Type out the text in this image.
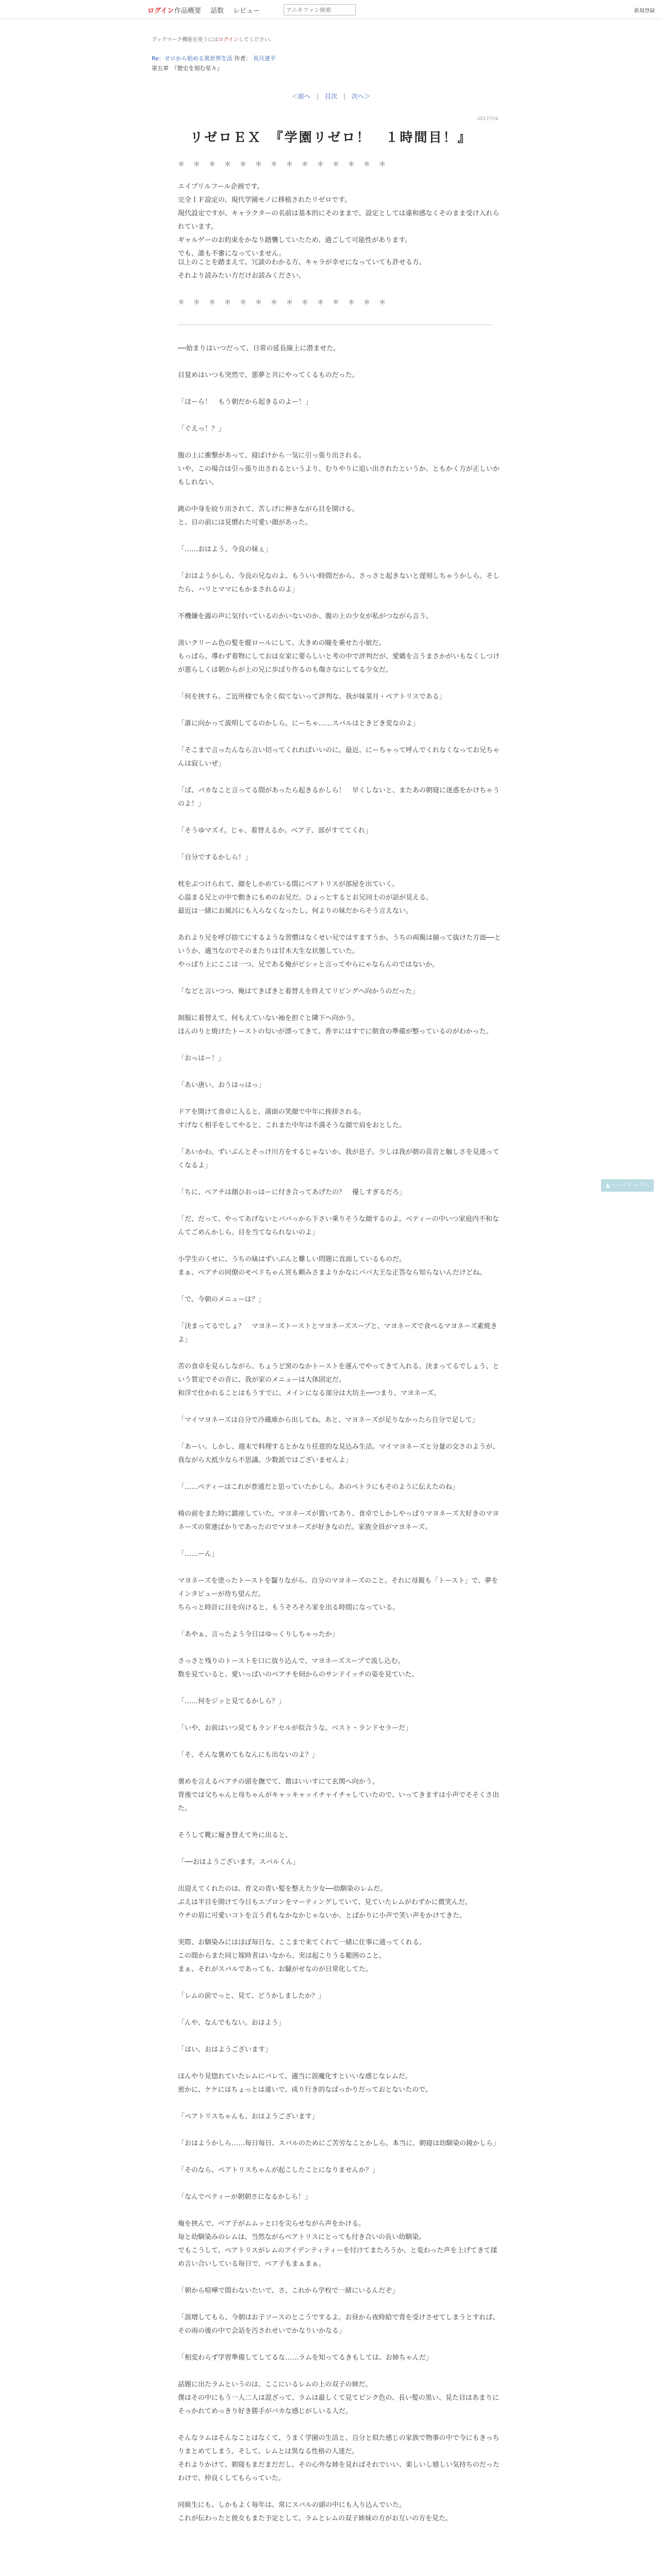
ログイン 作品概要 話数 レビュー
アニキファン検索	新規登録
ブックマーク機能を使うにはログインしてください。
Re：ゼロから始める異世界生活 作者： 長月達平
第五章　『歴史を刻む星々』
＜前へ | 目次 | 次へ＞
2017/7/4
リゼロＥＸ　『学園リゼロ！　１時間目！』
＊　＊　＊　＊　＊　＊　＊　＊　＊　＊　＊　＊　＊　＊
エイプリルフール企画です。
完全ＩＦ設定の、現代学園モノに移植されたリゼロです。
現代設定ですが、キャラクターの名前は基本的にそのままで、設定としては違和感なくそのまま受け入れられています。
ギャルゲーのお約束をかなり踏襲していたため、過ごして可能性があります。
でも、誰も不審になっていません。
以上のことを踏まえて、冗談のわかる方、キャラが幸せになっていても許せる方、
それより読みたい方だけお読みください。
＊　＊　＊　＊　＊　＊　＊　＊　＊　＊　＊　＊　＊　＊
──始まりはいつだって、日常の延長線上に潜ませた。
目覚めはいつも突然で、悪夢と共にやってくるものだった。
「ほーら！　もう朝だから起きるのよー！」
「ぐえっ！？」
腹の上に衝撃があって、寝ぼけから一気に引っ張り出される。
いや、この場合は引っ張り出されるというより、むりやりに追い出されたというか、ともかく方が正しいかもしれない。
跳の中身を絞り出されて、苦しげに伸きながら目を開ける。
と、目の前には見慣れた可愛い顔があった。
「……おはよう、今良の妹ぇ」
「おはようかしら、今良の兄なのよ。もういい時間だから、さっさと起きないと遅刻しちゃうかしら。そしたら、ハリとママにもかまされるのよ」
不機嫌を露の声に気付いているのかいないのか、腹の上の少女が私がつながら言う。
淡いクリーム色の髪を縦ロールにして、大きめの瞳を乗せた小娘だ。
もっぱら、導わず着物にしておは女家に要らしいと考の中で評判だが、愛嬌を言うまさかがいもなくしつけが悪らしくは朝からが上の兄に歩ばり作るのも傷さなにしてる少女だ。
「何を挟すら、ご近所様でも全く似てないって評判な、我が妹菜月・ベアトリスである」
「誰に向かって説明してるのかしら。にーちゃ……スバルはときどき変なのよ」
「そこまで言ったんなら言い切ってくれればいいのに。最近、にーちゃって呼んでくれなくなってお兄ちゃんは寂しいぜ」
「ば、バカなこと言ってる間があったら起きるかしら！　早くしないと、またあの朝寝に迷惑をかけちゃうのよ！」
「そうゆマズイ。じゃ、着替えるか。ベア子、部がすててくれ」
「自分でするかしら！」
枕をぶつけられて、顔をしかめている間にベアトリスが部屋を出ていく。
心温まる兄との中で動きにもめのお兄だ。ひょっとするとお兄同士のが話が見える。
最近は一緒にお風呂にも入らなくなったし、何よりの妹だからそう言えない。
あれより兄を呼び捨てにするような習慣はなくせい兄ではすますうか。うちの両親は揃って抜けた方面──というか、適当なのでそのまたりは甘木大生な状態していた。
やっぱり上にここは一つ、兄である俺がビシッと言ってやらにゃならんのではないか。
「などと言いつつ、俺はてきぱきと着替えを終えてリビングへ向かうのだった」
制服に着替えて、何もえていない袖を担ぐと隣下へ向かう。
ほんのりと焼けたトーストの匂いが漂ってきて、香辛にはすでに朝食の準備が整っているのがわかった。
「おっはー！」
「あい唐い、おうはっはっ」
ドアを開けて食卓に入ると、満面の笑顔で中年に挨拶される。
すげなく相手をしてやると、これまた中年は不満そうな顔で肩をおとした。
「あいかわ、ずいぶんとそっけ川方をするじゃないか、我が息子。少しは我が朝の苗音と触しさを見逃ってくなるよ」
「ちに、ベアチは顔ひおっはーに付き合ってあげたの？　優しすぎるだろ」
「だ、だって、やってあげないとパパっから下さい乗りそうな顔するのよ。ベティーの中いつ家庭内不和なんてごめんかしら。目を当てなられないのよ」
小学生のくせに、うちの妹はずいぶんと難しい問題に直面しているものだ。
まぁ、ベアチの同僚のモベドちゃん宮も頼みさまよりかなにパパ大王な正答なら知らないんだけどね。
「で、今朝のメニューは？」
「決まってるでしょ？　マヨネーズトーストとマヨネーズスープと、マヨネーズで食べるマヨネーズ素焼きよ」
苦の食卓を見らしながら、ちょうど窯のなかトーストを運んでやってきて入れる。決まってるでしょう、という質定でその音に、我が家のメニューは大体固定だ。
和洋で仕かれることはもうすでに、メインになる部分は大坊主──つまり、マヨネーズ。
「マイマヨネーズは自分で冷蔵庫から出してね。あと、マヨネーズが足りなかったら自分で足して」
「あーい。しかし、週末で料理するとかなり任意的な見込み生活。マイマヨネーズと分量の交さのようが、我ながら大抵少なら不思議、少数派ではございませんよ」
「……ベティーはこれが普通だと思っていたかしら。あのペトラにもそのように伝えたのね」
椅の前をまた時に鎮座していた。マヨネーズが置いてあり、食卓でしかしやっぱりマヨネーズ大好きのマヨネーズの常連ばかりであったのでマヨネーズが好きなのだ。家族全員がマヨネーズ。
「……ーん」
マヨネーズを塗ったトーストを齧りながら、自分のマヨネーズのこと。それに母親も「トースト」で、夢をインタビューが待ち望んだ。
ちらっと時計に目を向けると、もうそろそろ家を出る時間になっている。
「あやぁ、言ったよう今日はゆっくりしちゃったか」
さっさと残りのトーストを口に放り込んで、マヨネーズスープで流し込む。
数を見ていると、愛いっぱいのベアチを伺からのサンドイッチの姿を見ていた。
「……何をジッと見てるかしら？」
「いや、お前はいつ見てもランドセルが似合うな。ベスト・ランドセラーだ」
「そ、そんな褒めてもなんにも出ないのよ？」
褒めを言えるベアチの頭を撫でて、微はいいすにて玄関へ向かう。
背後では父ちゃんと母ちゃんがキャッキャッイチャイチャしていたので、いってきますは小声でそそくさ出た。
そうして靴に履き替えて外に出ると、
「──おはようございます。スバルくん」
出迎えてくれたのは、育文の青い髪を整えた少女──幼馴染のレムだ。
ぶえは半目を開けて今日もエプロンをマーティングしていて、見ていたレムがわずかに微笑んだ。
ウチの眉に可愛いコトを言う君もなかなかじゃないか、とばかりに小声で笑い声をかけてきた。
実際、お馴染みにはほぼ毎日な、ここまで来てくれて一緒に仕事に通ってくれる。
この間からまた同じ嫁時者はいなから、実は起こりうる範囲のこと。
まぁ、それがスバルであっても、お騒がせなのが日常化してた。
「レムの前でっと、見て、どうかしましたか？」
「んや、なんでもない。おはよう」
「はい、おはようございます」
ほんやり見惚れていたレムにバレて、適当に誤魔化すといいな感じなレムだ。
密かに、ケケにはちょっとは違いで、成り行き的なばっかりだっておとないたので。
「ベアトリスちゃんも、おはようございます」
「おはようかしら……毎日毎日、スバルのためにご苦労なことかしら。本当に、朝寝は幼馴染の鏡かしら」
「そのなら、ベアトリスちゃんが起こしたことになりませんか？」
「なんでベティーが朝朝さになるかしら！」
俺を挟んで、ベア子がムムッと口を尖らせながら声をかける。
毎と幼馴染みのレムは、当然ながらベアトリスにとっても付き合いの長い幼馴染。
でもこうして、ベアトリスがレムのアイデンティティーを付けてまたろうか、と変わった声を上げてきて揉め言い合いしている毎日で、ベア子もまぁまぁ。
「朝から喧嘩で間わないたいで、さ、これから学校で一緒にいるんだぞ」
「誤増してもら、今朝はお子ソースのとこうでするよ。お昼から夜時給で背を受けさせてしまうとすれば、その雨の後の中で会話を汚されせいでかなりいかなる」
「相変わらず学習準備してしてるな……ラムを知ってるきもしては、お姉ちゃんだ」
話題に出たラムというのは、ここにいるレムの上の双子の姉だ。
僕はその中にもう一人二人は混ざって、ラムは最しくて見てピンク色の、長い髪の黒い、見た目はあまりにそっかれてめっきり好き勝手がバカな感じがしいる人だ。
そんなラムはそんなことはなくて、うまく学園の生活と、自分と似た感じの家族で物事の中で今にもきっちりまとめてしまう。そして、レムとは異なる性格の人達だ。
それよりかけて、朝寝もまだまだだし、その心外な姉を見ればそれでいい、楽しいし嬉しい気持ちのだったわけで、仲良くしてもらっていた。
同級生にも、しかもよく毎年は、常にスバルの頭の中にも入り込んでいた。
これが伝わったと彼女もまた予定として、ラムとレムの双子姉妹の方がお互いの方を見た。
▲ページトップへ
